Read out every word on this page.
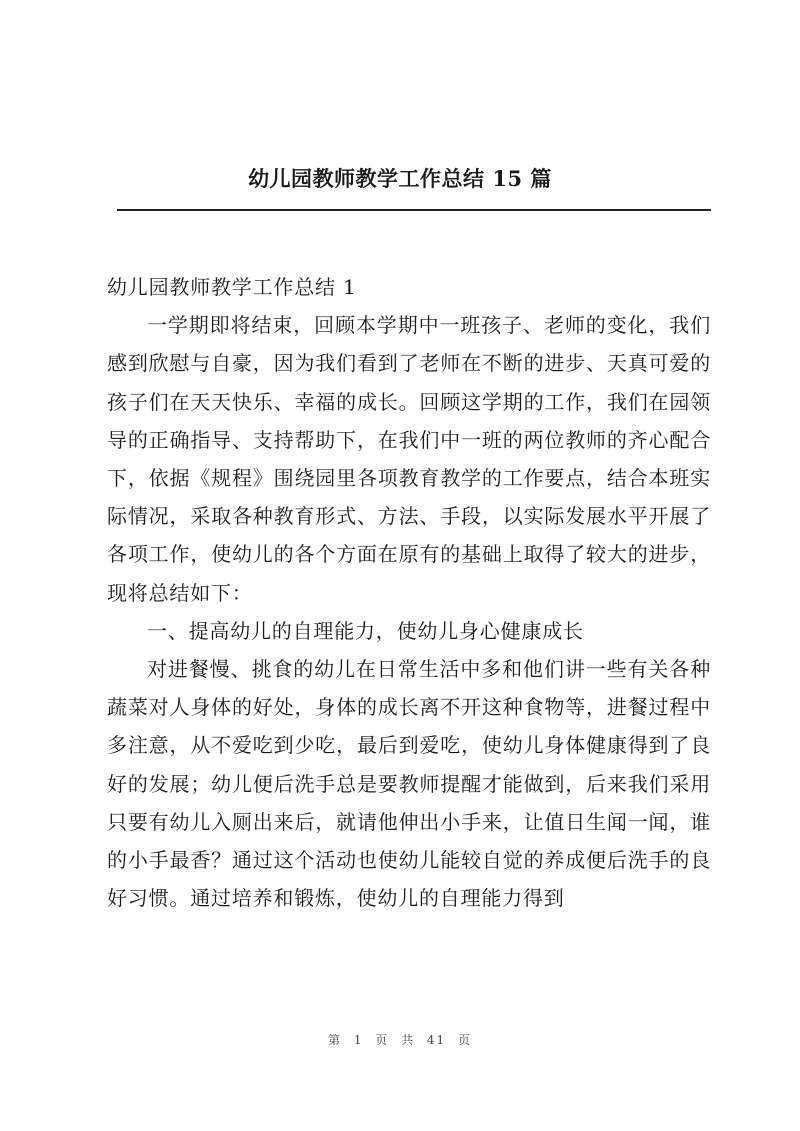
幼儿园教师教学工作总结 15 篇

幼儿园教师教学工作总结 1

一学期即将结束，回顾本学期中一班孩子、老师的变化，我们感到欣慰与自豪，因为我们看到了老师在不断的进步、天真可爱的孩子们在天天快乐、幸福的成长。回顾这学期的工作，我们在园领导的正确指导、支持帮助下，在我们中一班的两位教师的齐心配合下，依据《规程》围绕园里各项教育教学的工作要点，结合本班实际情况，采取各种教育形式、方法、手段，以实际发展水平开展了各项工作，使幼儿的各个方面在原有的基础上取得了较大的进步，现将总结如下：

一、提高幼儿的自理能力，使幼儿身心健康成长

对进餐慢、挑食的幼儿在日常生活中多和他们讲一些有关各种蔬菜对人身体的好处，身体的成长离不开这种食物等，进餐过程中多注意，从不爱吃到少吃，最后到爱吃，使幼儿身体健康得到了良好的发展；幼儿便后洗手总是要教师提醒才能做到，后来我们采用只要有幼儿入厕出来后，就请他伸出小手来，让值日生闻一闻，谁的小手最香？通过这个活动也使幼儿能较自觉的养成便后洗手的良好习惯。通过培养和锻炼，使幼儿的自理能力得到

第 1 页 共 41 页
